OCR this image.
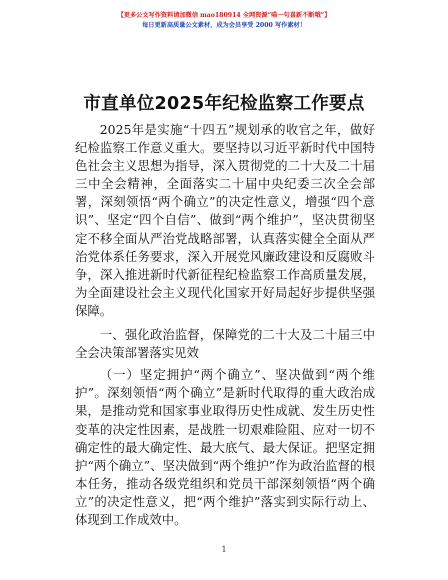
【更多公文写作资料请加微信 mao180914 全网资源“喵一句喜新不断哦”】
每日更新高质量公文素材，成为会员享受 2000 写作素材！
市直单位2025年纪检监察工作要点

2025年是实施“十四五”规划承的收官之年，做好纪检监察工作意义重大。要坚持以习近平新时代中国特色社会主义思想为指导，深入贯彻党的二十大及二十届三中全会精神，全面落实二十届中央纪委三次全会部署，深刻领悟“两个确立”的决定性意义，增强“四个意识”、坚定“四个自信”、做到“两个维护”，坚决贯彻坚定不移全面从严治党战略部署，认真落实健全全面从严治党体系任务要求，深入开展党风廉政建设和反腐败斗争，深入推进新时代新征程纪检监察工作高质量发展，为全面建设社会主义现代化国家开好局起好步提供坚强保障。

一、强化政治监督，保障党的二十大及二十届三中全会决策部署落实见效

（一）坚定拥护“两个确立”、坚决做到“两个维护”。深刻领悟“两个确立”是新时代取得的重大政治成果，是推动党和国家事业取得历史性成就、发生历史性变革的决定性因素，是战胜一切艰难险阻、应对一切不确定性的最大确定性、最大底气、最大保证。把坚定拥护“两个确立”、坚决做到“两个维护”作为政治监督的根本任务，推动各级党组织和党员干部深刻领悟“两个确立”的决定性意义，把“两个维护”落实到实际行动上、体现到工作成效中。

1
